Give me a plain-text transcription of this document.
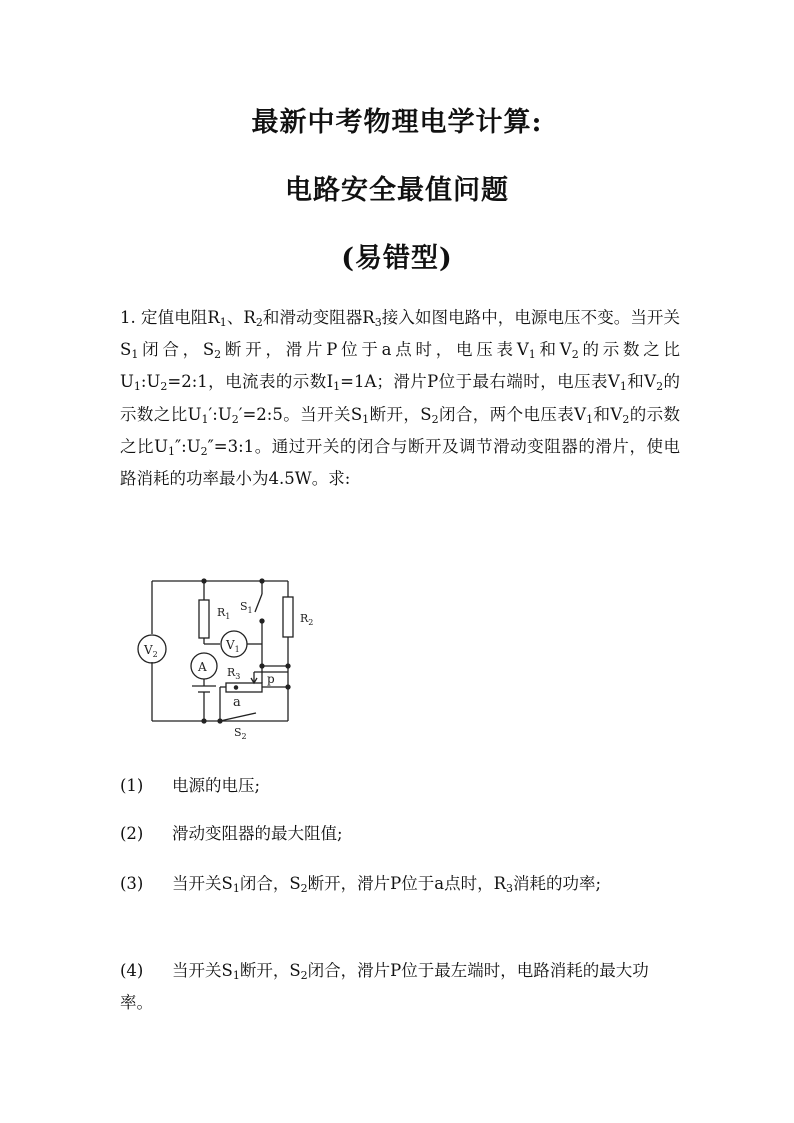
最新中考物理电学计算:
电路安全最值问题
(易错型)
1. 定值电阻$R_1$、$R_2$和滑动变阻器$R_3$接入如图电路中，电源电压不变。当开关$S_1$闭合，$S_2$断开，滑片P位于a点时，电压表$V_1$和$V_2$的示数之比$U_1:U_2=2:1$，电流表的示数$I_1=1A$；滑片P位于最右端时，电压表$V_1$和$V_2$的示数之比$U_1':U_2'=2:5$。当开关$S_1$断开，$S_2$闭合，两个电压表$V_1$和$V_2$的示数之比$U_1'':U_2''=3:1$。通过开关的闭合与断开及调节滑动变阻器的滑片，使电路消耗的功率最小为4.5W。求:
$V_2$
$R_2$
$R_1$
$S_1$
$V_1$
A $R_3$ p
a
$S_2$
(1) 电源的电压;
(2) 滑动变阻器的最大阻值;
(3) 当开关$S_1$闭合，$S_2$断开，滑片P位于a点时，$R_3$消耗的功率;
(4) 当开关$S_1$断开，$S_2$闭合，滑片P位于最左端时，电路消耗的最大功率。
